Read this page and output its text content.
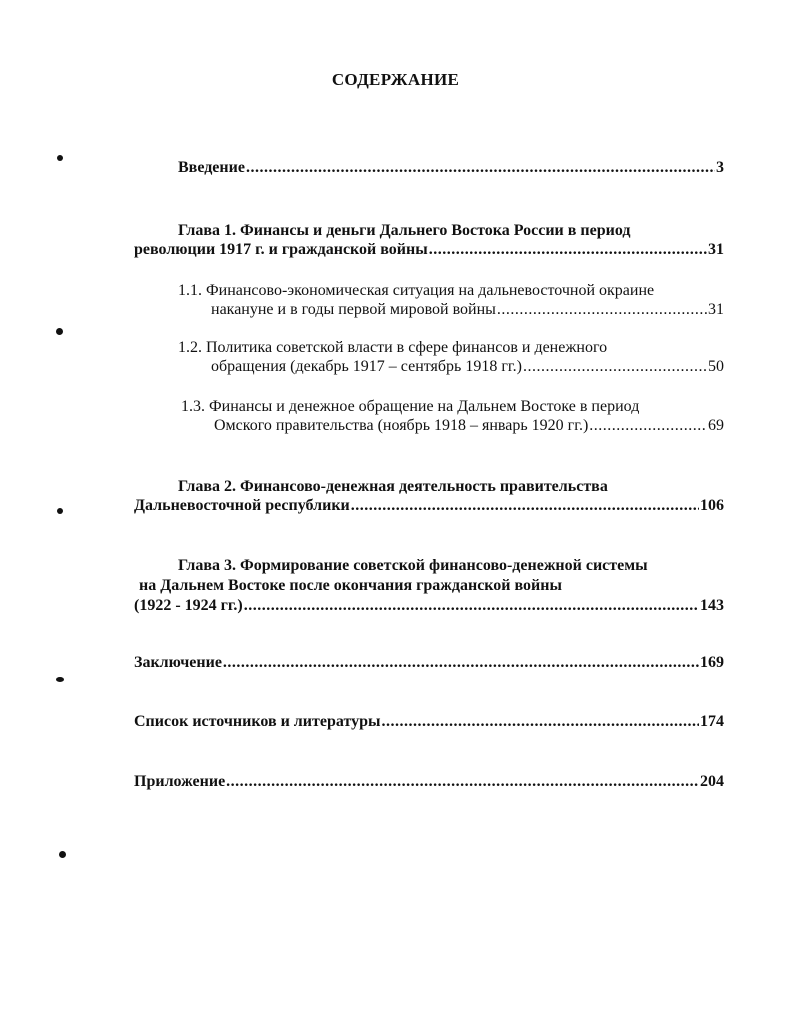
СОДЕРЖАНИЕ
Введение .....	3
Глава 1. Финансы и деньги Дальнего Востока России в период
революции 1917 г. и гражданской войны .....	31
1.1. Финансово-экономическая ситуация на дальневосточной окраине
накануне и в годы первой мировой войны .....	31
1.2. Политика советской власти в сфере финансов и денежного
обращения (декабрь 1917 – сентябрь 1918 гг.) .....	50
1.3. Финансы и денежное обращение на Дальнем Востоке в период
Омского правительства (ноябрь 1918 – январь 1920 гг.) .....	69
Глава 2. Финансово-денежная деятельность правительства
Дальневосточной республики .....	106
Глава 3. Формирование советской финансово-денежной системы
на Дальнем Востоке после окончания гражданской войны
(1922 - 1924 гг.) .....	143
Заключение .....	169
Список источников и литературы .....	174
Приложение .....	204
